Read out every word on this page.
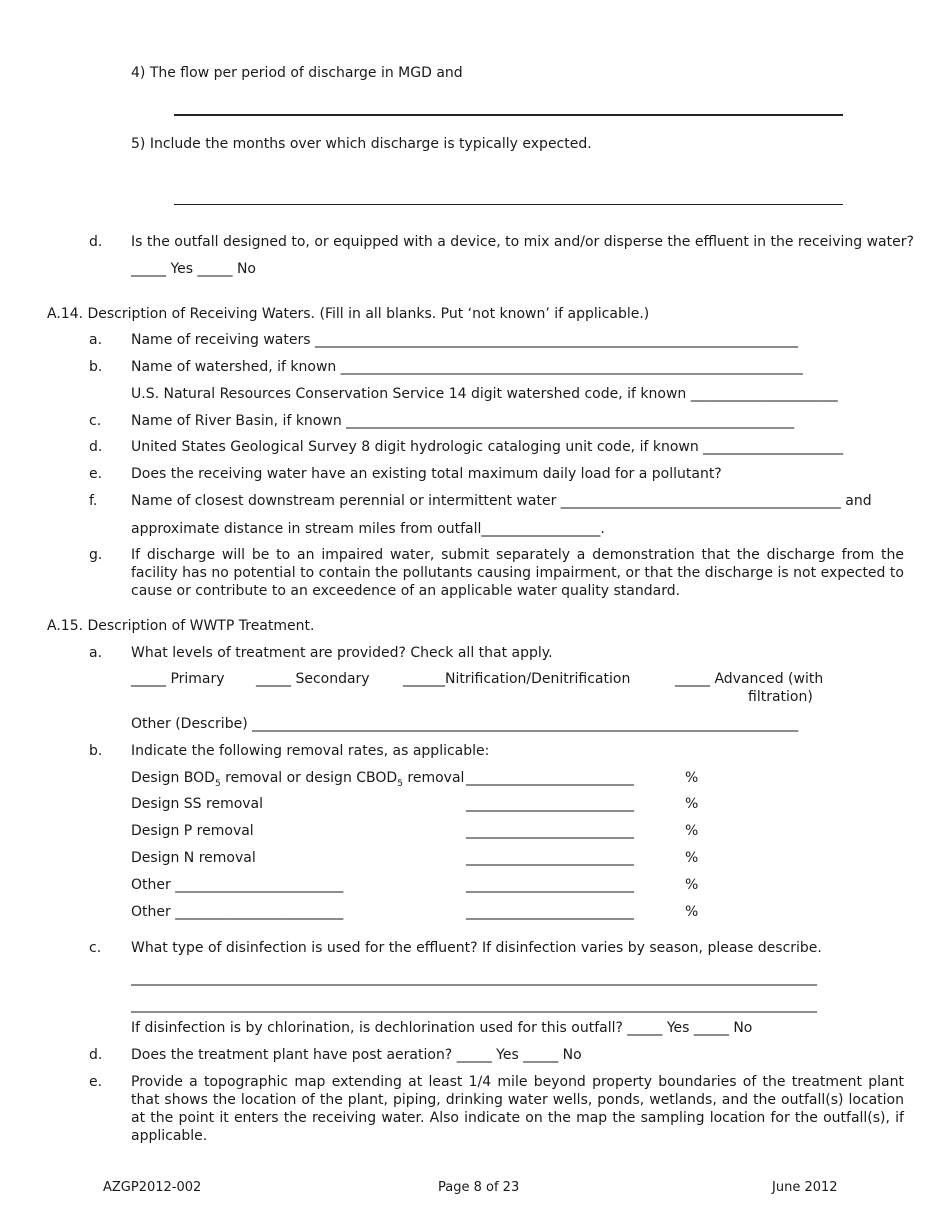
4) The flow per period of discharge in MGD and
5) Include the months over which discharge is typically expected.
d. Is the outfall designed to, or equipped with a device, to mix and/or disperse the effluent in the receiving water?
_____ Yes _____ No
A.14. Description of Receiving Waters. (Fill in all blanks. Put ‘not known’ if applicable.)
a. Name of receiving waters _____________________________________________________________________
b. Name of watershed, if known __________________________________________________________________
U.S. Natural Resources Conservation Service 14 digit watershed code, if known _____________________
c. Name of River Basin, if known ________________________________________________________________
d. United States Geological Survey 8 digit hydrologic cataloging unit code, if known ____________________
e. Does the receiving water have an existing total maximum daily load for a pollutant?
f. Name of closest downstream perennial or intermittent water ________________________________________ and
approximate distance in stream miles from outfall_________________.
g. If discharge will be to an impaired water, submit separately a demonstration that the discharge from the facility has no potential to contain the pollutants causing impairment, or that the discharge is not expected to cause or contribute to an exceedence of an applicable water quality standard.
A.15. Description of WWTP Treatment.
a. What levels of treatment are provided? Check all that apply.
_____ Primary _____ Secondary ______Nitrification/Denitrification	_____ Advanced (with
filtration)
Other (Describe) ______________________________________________________________________________
b. Indicate the following removal rates, as applicable:
Design $BOD_5$ removal or design $CBOD_5$ removal ________________________	%
Design SS removal	________________________	%
Design P removal	________________________	%
Design N removal	________________________	%
Other ________________________	________________________	%
Other ________________________	________________________	%
c. What type of disinfection is used for the effluent? If disinfection varies by season, please describe.
__________________________________________________________________________________________________
__________________________________________________________________________________________________
If disinfection is by chlorination, is dechlorination used for this outfall? _____ Yes _____ No
d. Does the treatment plant have post aeration? _____ Yes _____ No
e. Provide a topographic map extending at least 1/4 mile beyond property boundaries of the treatment plant that shows the location of the plant, piping, drinking water wells, ponds, wetlands, and the outfall(s) location at the point it enters the receiving water. Also indicate on the map the sampling location for the outfall(s), if applicable.
AZGP2012-002	Page 8 of 23	June 2012
